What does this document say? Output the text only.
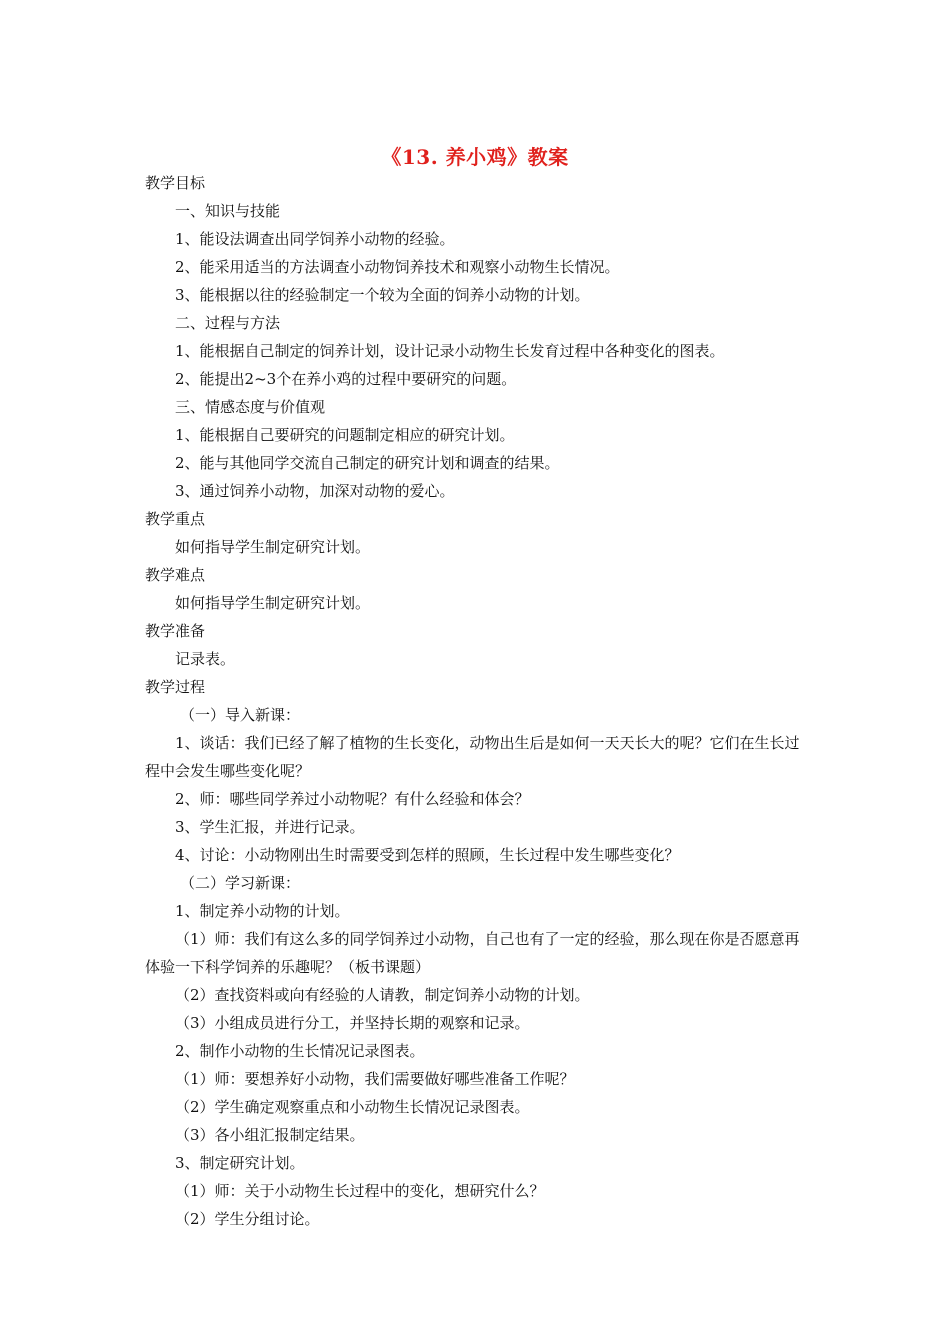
《13. 养小鸡》教案
教学目标
一、知识与技能
1、能设法调查出同学饲养小动物的经验。
2、能采用适当的方法调查小动物饲养技术和观察小动物生长情况。
3、能根据以往的经验制定一个较为全面的饲养小动物的计划。
二、过程与方法
1、能根据自己制定的饲养计划，设计记录小动物生长发育过程中各种变化的图表。
2、能提出2~3个在养小鸡的过程中要研究的问题。
三、情感态度与价值观
1、能根据自己要研究的问题制定相应的研究计划。
2、能与其他同学交流自己制定的研究计划和调查的结果。
3、通过饲养小动物，加深对动物的爱心。
教学重点
如何指导学生制定研究计划。
教学难点
如何指导学生制定研究计划。
教学准备
记录表。
教学过程
（一）导入新课：
1、谈话：我们已经了解了植物的生长变化，动物出生后是如何一天天长大的呢？它们在生长过程中会发生哪些变化呢？
2、师：哪些同学养过小动物呢？有什么经验和体会？
3、学生汇报，并进行记录。
4、讨论：小动物刚出生时需要受到怎样的照顾，生长过程中发生哪些变化？
（二）学习新课：
1、制定养小动物的计划。
（1）师：我们有这么多的同学饲养过小动物，自己也有了一定的经验，那么现在你是否愿意再体验一下科学饲养的乐趣呢？（板书课题）
（2）查找资料或向有经验的人请教，制定饲养小动物的计划。
（3）小组成员进行分工，并坚持长期的观察和记录。
2、制作小动物的生长情况记录图表。
（1）师：要想养好小动物，我们需要做好哪些准备工作呢？
（2）学生确定观察重点和小动物生长情况记录图表。
（3）各小组汇报制定结果。
3、制定研究计划。
（1）师：关于小动物生长过程中的变化，想研究什么？
（2）学生分组讨论。
